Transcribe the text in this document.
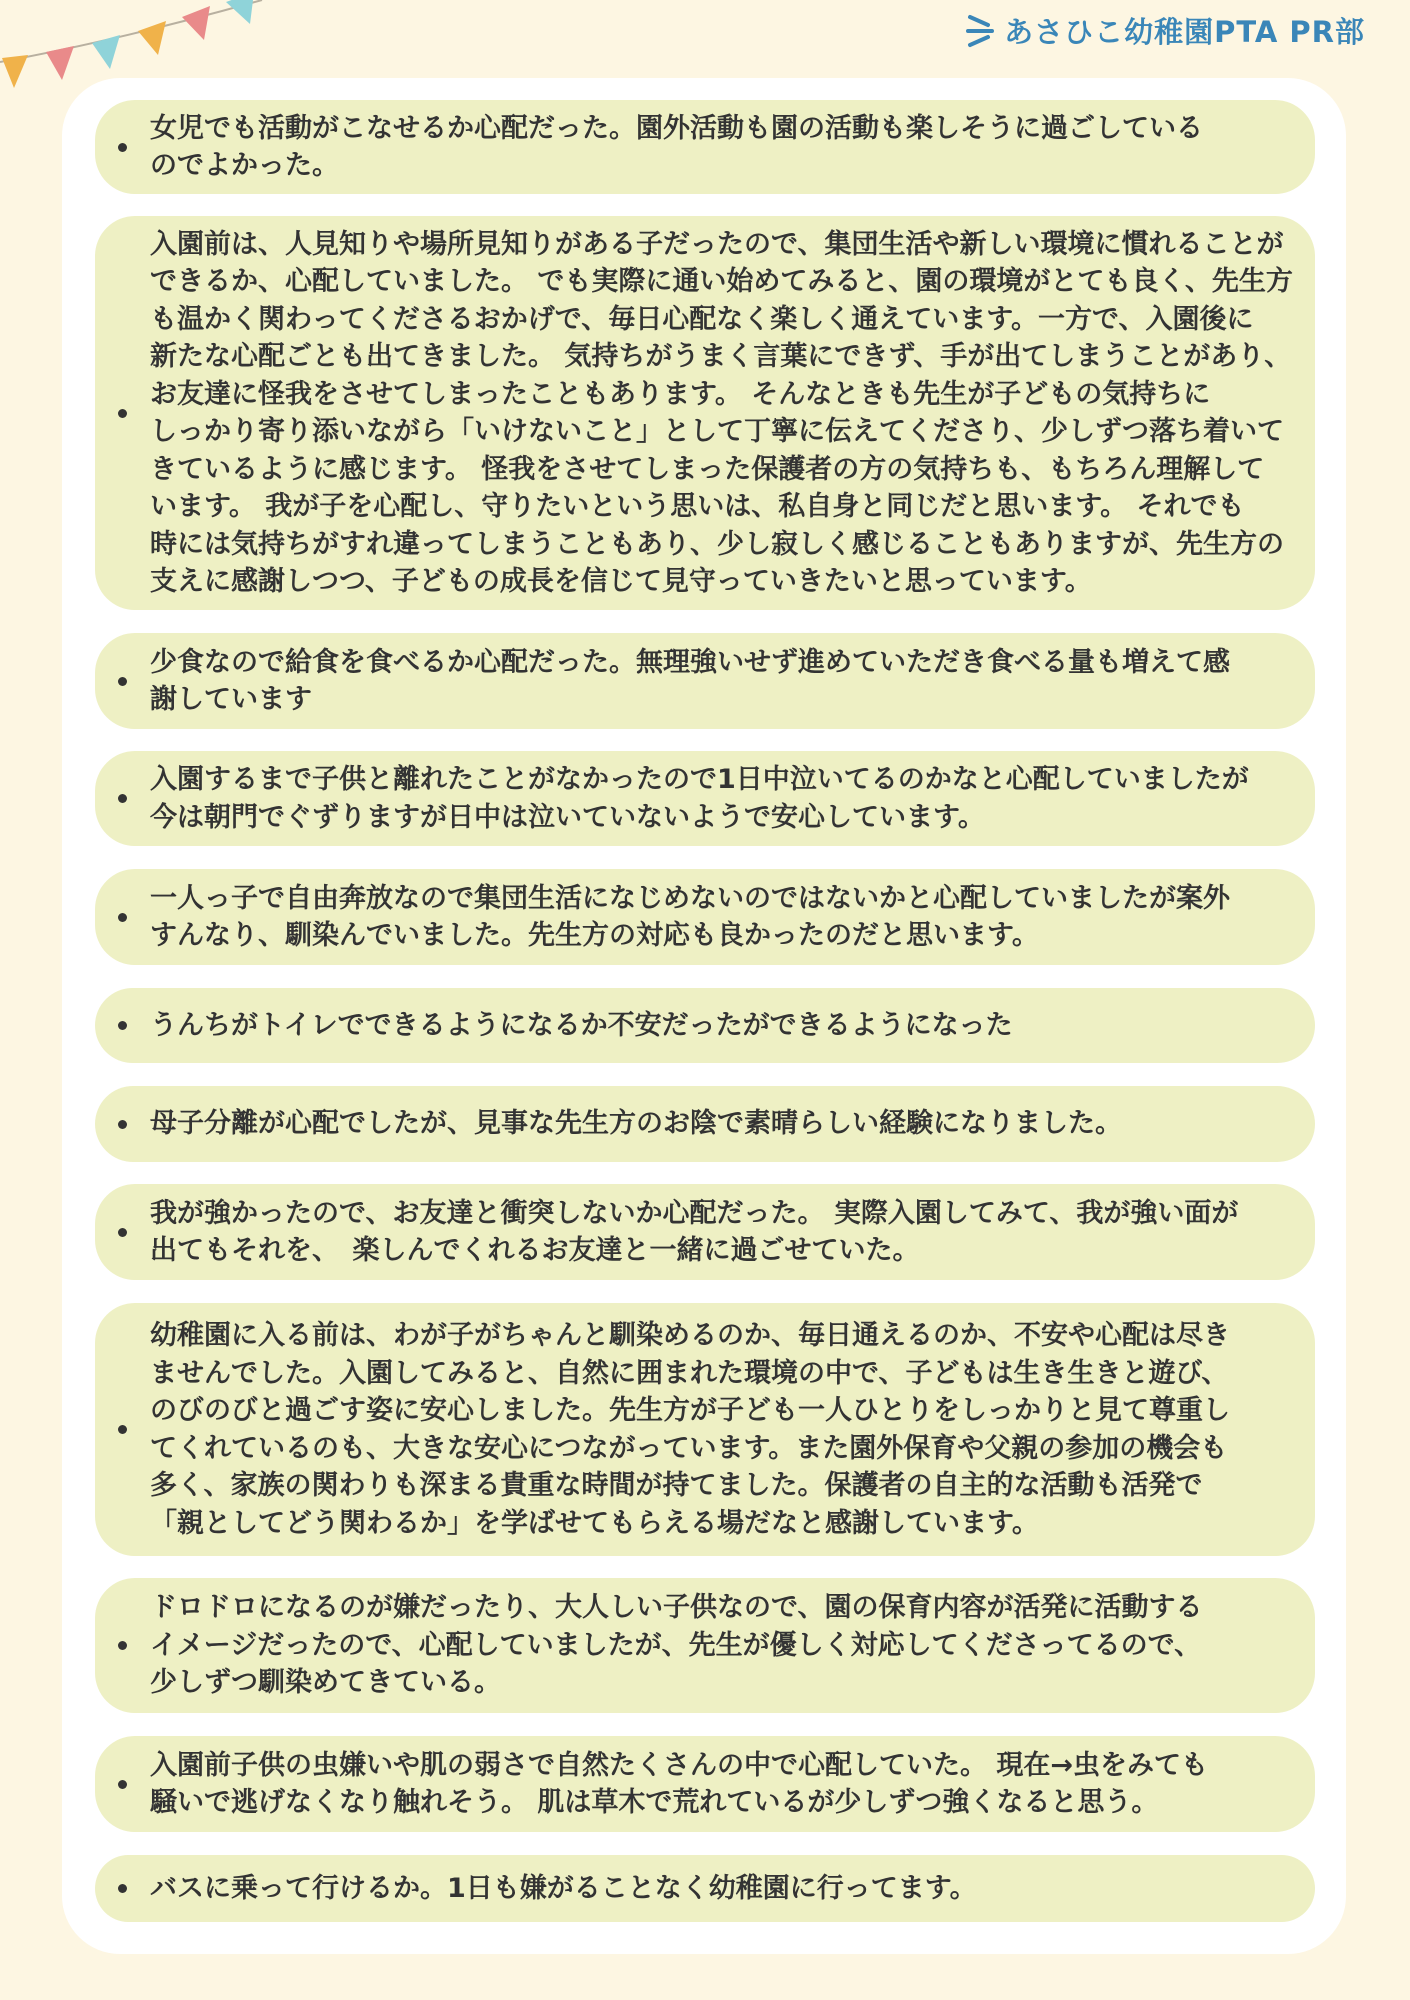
あさひこ幼稚園PTA PR部
女児でも活動がこなせるか心配だった。園外活動も園の活動も楽しそうに過ごしている
のでよかった。
入園前は、人見知りや場所見知りがある子だったので、集団生活や新しい環境に慣れることが
できるか、心配していました。 でも実際に通い始めてみると、園の環境がとても良く、先生方
も温かく関わってくださるおかげで、毎日心配なく楽しく通えています。一方で、入園後に
新たな心配ごとも出てきました。 気持ちがうまく言葉にできず、手が出てしまうことがあり、
お友達に怪我をさせてしまったこともあります。 そんなときも先生が子どもの気持ちに
しっかり寄り添いながら「いけないこと」として丁寧に伝えてくださり、少しずつ落ち着いて
きているように感じます。 怪我をさせてしまった保護者の方の気持ちも、もちろん理解して
います。 我が子を心配し、守りたいという思いは、私自身と同じだと思います。 それでも
時には気持ちがすれ違ってしまうこともあり、少し寂しく感じることもありますが、先生方の
支えに感謝しつつ、子どもの成長を信じて見守っていきたいと思っています。
少食なので給食を食べるか心配だった。無理強いせず進めていただき食べる量も増えて感
謝しています
入園するまで子供と離れたことがなかったので1日中泣いてるのかなと心配していましたが
今は朝門でぐずりますが日中は泣いていないようで安心しています。
一人っ子で自由奔放なので集団生活になじめないのではないかと心配していましたが案外
すんなり、馴染んでいました。先生方の対応も良かったのだと思います。
うんちがトイレでできるようになるか不安だったができるようになった
母子分離が心配でしたが、見事な先生方のお陰で素晴らしい経験になりました。
我が強かったので、お友達と衝突しないか心配だった。 実際入園してみて、我が強い面が
出てもそれを、　楽しんでくれるお友達と一緒に過ごせていた。
幼稚園に入る前は、わが子がちゃんと馴染めるのか、毎日通えるのか、不安や心配は尽き
ませんでした。入園してみると、自然に囲まれた環境の中で、子どもは生き生きと遊び、
のびのびと過ごす姿に安心しました。先生方が子ども一人ひとりをしっかりと見て尊重し
てくれているのも、大きな安心につながっています。また園外保育や父親の参加の機会も
多く、家族の関わりも深まる貴重な時間が持てました。保護者の自主的な活動も活発で
「親としてどう関わるか」を学ばせてもらえる場だなと感謝しています。
ドロドロになるのが嫌だったり、大人しい子供なので、園の保育内容が活発に活動する
イメージだったので、心配していましたが、先生が優しく対応してくださってるので、
少しずつ馴染めてきている。
入園前子供の虫嫌いや肌の弱さで自然たくさんの中で心配していた。 現在→虫をみても
騒いで逃げなくなり触れそう。 肌は草木で荒れているが少しずつ強くなると思う。
バスに乗って行けるか。1日も嫌がることなく幼稚園に行ってます。
